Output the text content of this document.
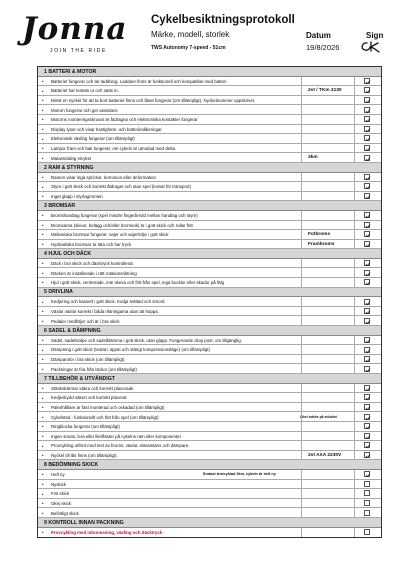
Jonna
JOIN THE RIDE
Cykelbesiktningsprotokoll
Märke, modell, storlek
TWS Autonomy 7-speed - 51cm
Datum
19/8/2026
Sign
1 BATTERI & MOTOR
• Batteriet fungerar och tar laddning. Laddare finns är funktionell och kompatibel med batteri
• Batteriet har testats ur och satts in.	2st / TKm 3130
• Minst en nyckel för att ta bort batteriet finns och låset fungerar (om tillämpligt). Nyckelnummer uppskrivet.
• Motorn fungerar och ger assistans
• Motorns monteringsskruvar är åtdragna och elektroniska kontakter fungerar
• Display lyser och visar hastighets- och batteriindikeringar
• Elektronisk växling fungerar (om tillämpligt)
• Lampor fram och bak fungerar, om cykeln är utrustad med detta.
• Matarstraling elcykel	3km
2 RAM & STYRNING
• Ramen visar inga sprickor, korrosion eller deformation
• Styre i gott skick och korrekt åtdraget och utan spel (lossat för transport)
• Inget glapp i styrlagrmmen
3 BROMSAR
• Bromshandtag fungerar (spel mindre fingerbredd mellan handtag och styre)
• Bromsarna (skivor, belägg och/eller bromsok) är i gott skick och rullar fritt
• Mekaniska bromsar fungerar, vajer och vajerhölje i gott skick	Fotbroms
• Hydrauliska bromsar är täta och har tryck	Frambroms
4 HJUL OCH DÄCK
• Däck i bra skick och däcktryck kontrollerat
• Däcken är installerade i rätt rotationsriktning
• Hjul i gott skick, centrerade, inte skeva och fritt från spel, inga bucklor eller skador på fälg
5 DRIVLINA
• Kedjering och kassett i gott skick. Kedja tvättad och smord
• Växlar växlar korrekt i båda riktningarna utan att hoppa.
• Pedaler medföljer och är i bra skick
6 SADEL & DÄMPNING
• Sadel, sadelstolpe och sadelklämma i gott skick, utan glapp. Fungerande drop post, om tillgänglig.
• Dämpning i gott skick (testat i öppet och stängt kompressionsläge) (om tillämpligt)
• Dämparolor i bra skick (om tillämpligt)
• Packningar är fria från läckor (om tillämpligt)
7 TILLBEHÖR & UTVÄNDIGT
• Stänkskärmar säkra och korrekt placerade
• Kedjeskydd säkert och korrekt placerat
• Pakethållare är fast monterad och oskadad (om tillämpligt)
• Cykelstöd - funktionellt och fritt från spel (om tillämpligt)	Likel märke på stöddet
• Ringklocka fungerar (om tillämpligt)
• Ingen smuts, lera eller liknfläster på cykelns ram eller komponenter
• Provcykling utförd med test av broms, växlar, elassistans och dämpare.
• Nyckel till lås finns (om tillämpligt)	2st AXA 2230V
8 BEDÖMNING SKICK
• Helt ny	Endast testcyklad 3km, cykeln är helt ny
• Nyskick
• Fint skick
• Okej skick
• Befintligt skick
9 KONTROLL INNAN PACKNING
• Provcykling med inbromsning, växling och däcktryck
